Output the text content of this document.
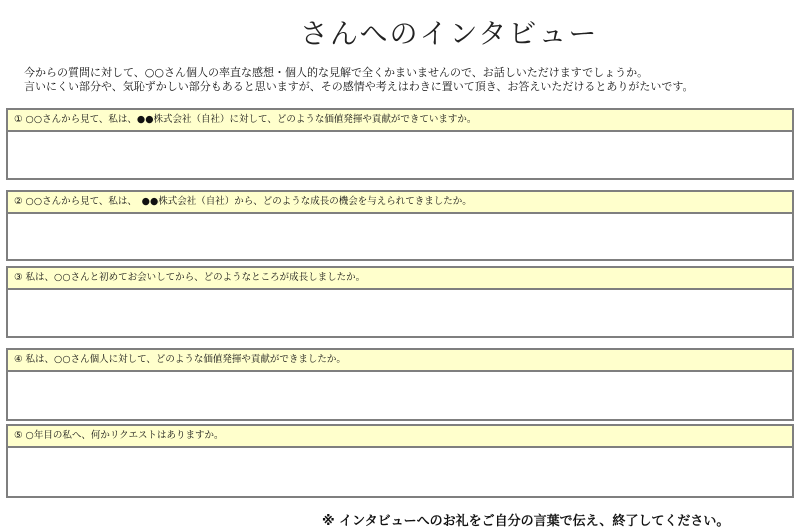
さんへのインタビュー
今からの質問に対して、○○さん個人の率直な感想・個人的な見解で全くかまいませんので、お話しいただけますでしょうか。
言いにくい部分や、気恥ずかしい部分もあると思いますが、その感情や考えはわきに置いて頂き、お答えいただけるとありがたいです。
① ○○さんから見て、私は、●●株式会社（自社）に対して、どのような価値発揮や貢献ができていますか。
② ○○さんから見て、私は、　●●株式会社（自社）から、どのような成長の機会を与えられてきましたか。
③ 私は、○○さんと初めてお会いしてから、どのようなところが成長しましたか。
④ 私は、○○さん個人に対して、どのような価値発揮や貢献ができましたか。
⑤ ○年目の私へ、何かリクエストはありますか。
※ インタビューへのお礼をご自分の言葉で伝え、終了してください。
